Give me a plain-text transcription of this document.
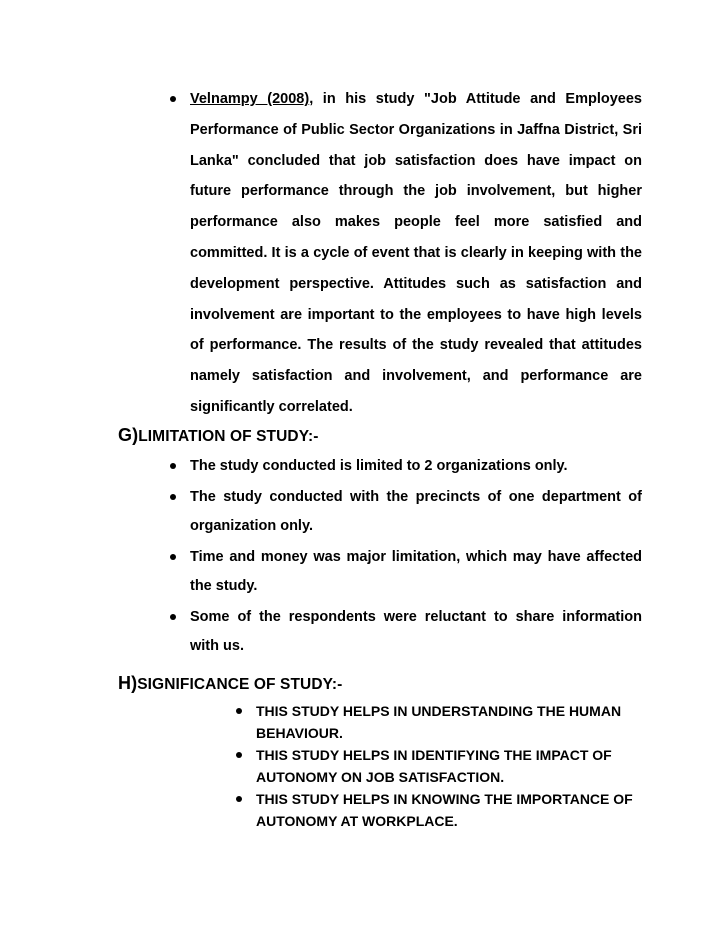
Velnampy (2008), in his study "Job Attitude and Employees Performance of Public Sector Organizations in Jaffna District, Sri Lanka" concluded that job satisfaction does have impact on future performance through the job involvement, but higher performance also makes people feel more satisfied and committed. It is a cycle of event that is clearly in keeping with the development perspective. Attitudes such as satisfaction and involvement are important to the employees to have high levels of performance. The results of the study revealed that attitudes namely satisfaction and involvement, and performance are significantly correlated.
G)LIMITATION OF STUDY:-
The study conducted is limited to 2 organizations only.
The study conducted with the precincts of one department of organization only.
Time and money was major limitation, which may have affected the study.
Some of the respondents were reluctant to share information with us.
H)SIGNIFICANCE OF STUDY:-
THIS STUDY HELPS IN UNDERSTANDING THE HUMAN BEHAVIOUR.
THIS STUDY HELPS IN IDENTIFYING THE IMPACT OF AUTONOMY ON JOB SATISFACTION.
THIS STUDY HELPS IN KNOWING THE IMPORTANCE OF AUTONOMY AT WORKPLACE.
